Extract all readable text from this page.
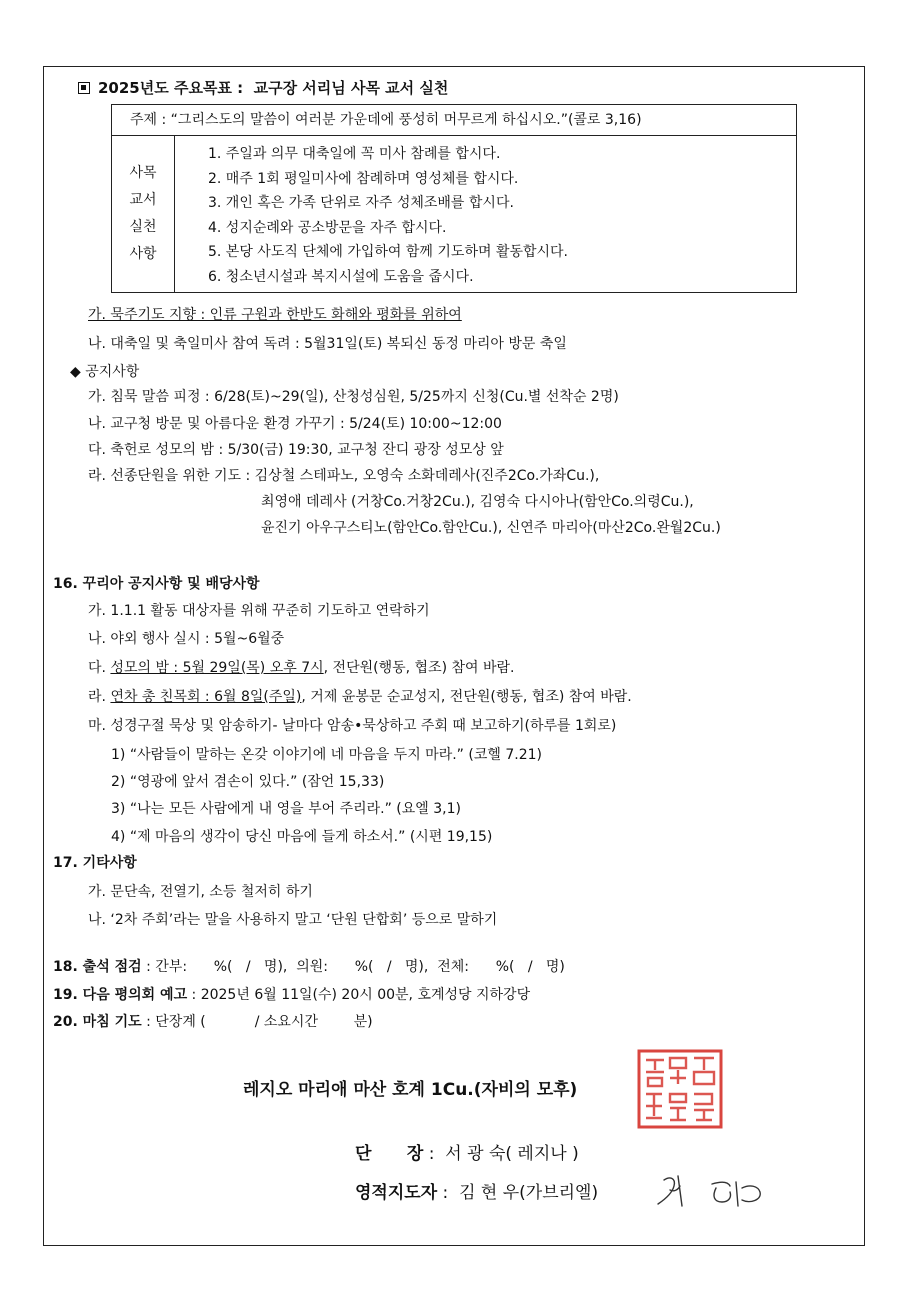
2025년도 주요목표 : 교구장 서리님 사목 교서 실천
주제 : “그리스도의 말씀이 여러분 가운데에 풍성히 머무르게 하십시오.”(콜로 3,16)
사목
교서
실천
사항
1. 주일과 의무 대축일에 꼭 미사 참례를 합시다.
2. 매주 1회 평일미사에 참례하며 영성체를 합시다.
3. 개인 혹은 가족 단위로 자주 성체조배를 합시다.
4. 성지순례와 공소방문을 자주 합시다.
5. 본당 사도직 단체에 가입하여 함께 기도하며 활동합시다.
6. 청소년시설과 복지시설에 도움을 줍시다.
가. 묵주기도 지향 : 인류 구원과 한반도 화해와 평화를 위하여
나. 대축일 및 축일미사 참여 독려 : 5월31일(토) 복되신 동정 마리아 방문 축일
◆ 공지사항
가. 침묵 말씀 피정 : 6/28(토)~29(일), 산청성심원, 5/25까지 신청(Cu.별 선착순 2명)
나. 교구청 방문 및 아름다운 환경 가꾸기 : 5/24(토) 10:00~12:00
다. 축헌로 성모의 밤 : 5/30(금) 19:30, 교구청 잔디 광장 성모상 앞
라. 선종단원을 위한 기도 : 김상철 스테파노, 오영숙 소화데레사(진주2Co.가좌Cu.),
최영애 데레사 (거창Co.거창2Cu.), 김영숙 다시아나(함안Co.의령Cu.),
윤진기 아우구스티노(함안Co.함안Cu.), 신연주 마리아(마산2Co.완월2Cu.)
16. 꾸리아 공지사항 및 배당사항
가. 1.1.1 활동 대상자를 위해 꾸준히 기도하고 연락하기
나. 야외 행사 실시 : 5월~6월중
다. 성모의 밤 : 5월 29일(목) 오후 7시, 전단원(행동, 협조) 참여 바람.
라. 연차 총 친목회 : 6월 8일(주일), 거제 윤봉문 순교성지, 전단원(행동, 협조) 참여 바람.
마. 성경구절 묵상 및 암송하기- 날마다 암송•묵상하고 주회 때 보고하기(하루를 1회로)
1) “사람들이 말하는 온갖 이야기에 네 마음을 두지 마라.” (코헬 7.21)
2) “영광에 앞서 겸손이 있다.” (잠언 15,33)
3) “나는 모든 사람에게 내 영을 부어 주리라.” (요엘 3,1)
4) “제 마음의 생각이 당신 마음에 들게 하소서.” (시편 19,15)
17. 기타사항
가. 문단속, 전열기, 소등 철저히 하기
나. ‘2차 주회’라는 말을 사용하지 말고 ‘단원 단합회’ 등으로 말하기
18. 출석 점검 : 간부:      %(   /   명),  의원:      %(   /   명),  전체:      %(   /   명)
19. 다음 평의회 예고 : 2025년 6월 11일(수) 20시 00분, 호계성당 지하강당
20. 마침 기도 : 단장계 (           / 소요시간        분)
레지오 마리애 마산 호계 1Cu.(자비의 모후)
단      장 :  서 광 숙( 레지나 )
영적지도자 :  김 현 우(가브리엘)
